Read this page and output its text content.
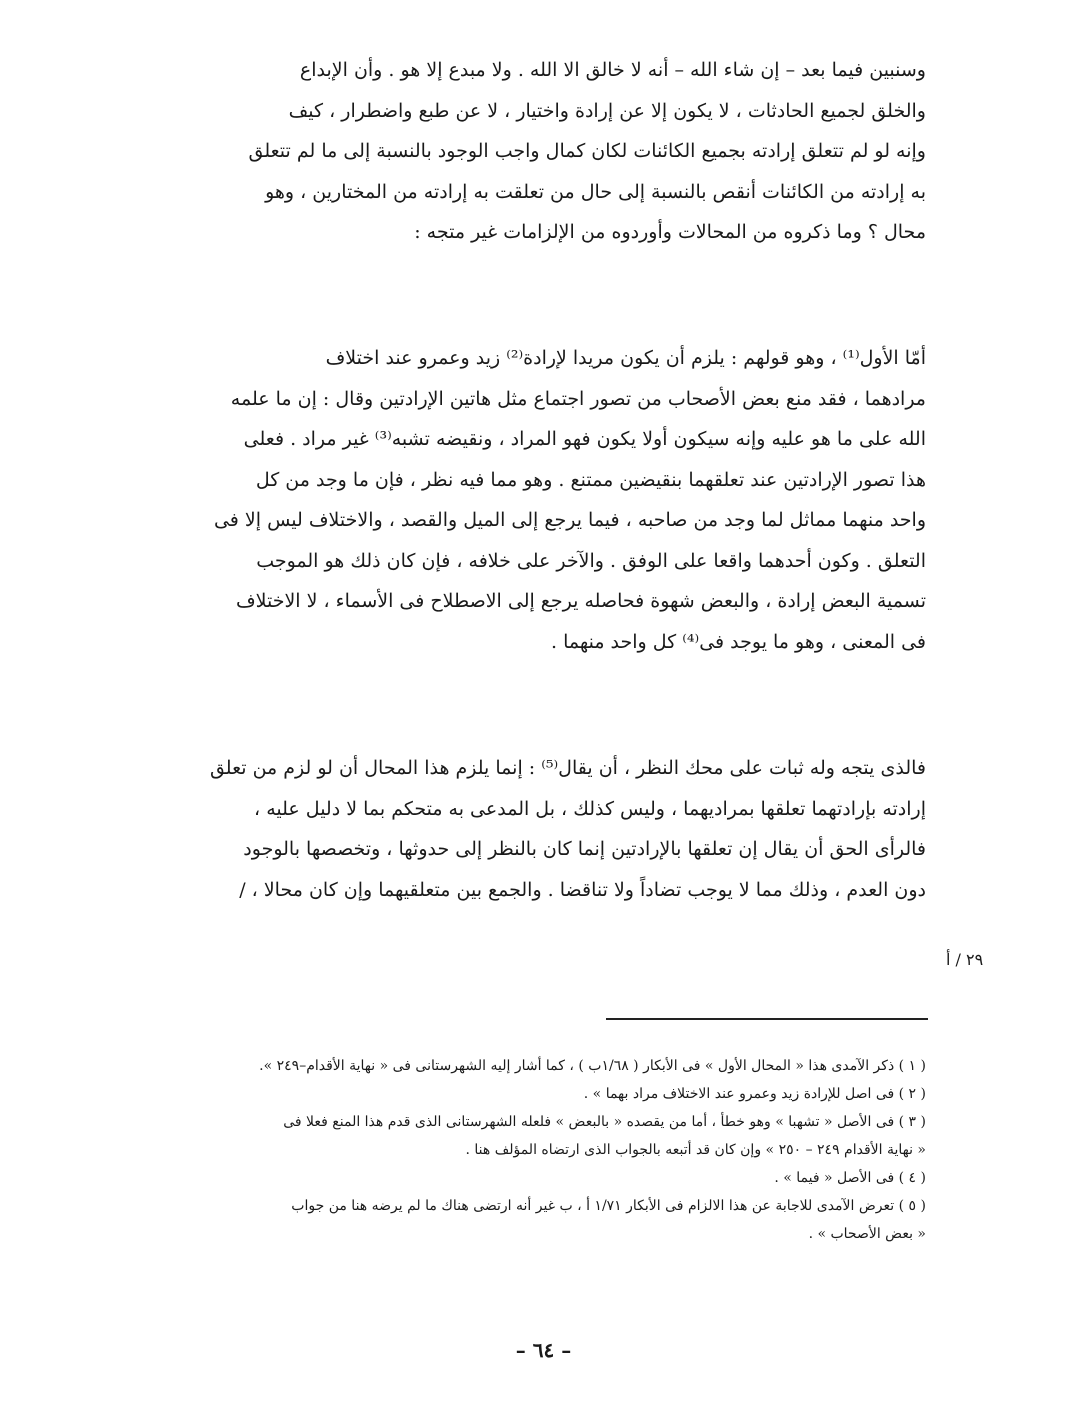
وسنبين فيما بعد – إن شاء الله – أنه لا خالق الا الله . ولا مبدع إلا هو . وأن الإبداع
والخلق لجميع الحادثات ، لا يكون إلا عن إرادة واختيار ، لا عن طبع واضطرار ، كيف
وإنه لو لم تتعلق إرادته بجميع الكائنات لكان كمال واجب الوجود بالنسبة إلى ما لم تتعلق
به إرادته من الكائنات أنقص بالنسبة إلى حال من تعلقت به إرادته من المختارين ، وهو
محال ؟ وما ذكروه من المحالات وأوردوه من الإلزامات غير متجه :
أمّا الأول⁽¹⁾ ، وهو قولهم : يلزم أن يكون مريدا لإرادة⁽²⁾ زيد وعمرو عند اختلاف
مرادهما ، فقد منع بعض الأصحاب من تصور اجتماع مثل هاتين الإرادتين وقال : إن ما علمه
الله على ما هو عليه وإنه سيكون أولا يكون فهو المراد ، ونقيضه تشبه⁽³⁾ غير مراد . فعلى
هذا تصور الإرادتين عند تعلقهما بنقيضين ممتنع . وهو مما فيه نظر ، فإن ما وجد من كل
واحد منهما مماثل لما وجد من صاحبه ، فيما يرجع إلى الميل والقصد ، والاختلاف ليس إلا فى
التعلق . وكون أحدهما واقعا على الوفق . والآخر على خلافه ، فإن كان ذلك هو الموجب
تسمية البعض إرادة ، والبعض شهوة فحاصله يرجع إلى الاصطلاح فى الأسماء ، لا الاختلاف
فى المعنى ، وهو ما يوجد فى⁽⁴⁾ كل واحد منهما .
فالذى يتجه وله ثبات على محك النظر ، أن يقال⁽⁵⁾ : إنما يلزم هذا المحال أن لو لزم من تعلق
إرادته بإرادتهما تعلقها بمراديهما ، وليس كذلك ، بل المدعى به متحكم بما لا دليل عليه ،
فالرأى الحق أن يقال إن تعلقها بالإرادتين إنما كان بالنظر إلى حدوثها ، وتخصصها بالوجود
دون العدم ، وذلك مما لا يوجب تضاداً ولا تناقضا . والجمع بين متعلقيهما وإن كان محالا ، /
٢٩ / أ
( ١ ) ذكر الآمدى هذا « المحال الأول » فى الأبكار ( ١/٦٨ب ) ، كما أشار إليه الشهرستانى فى « نهاية الأقدام–٢٤٩ ».
( ٢ ) فى اصل للإرادة زيد وعمرو عند الاختلاف مراد بهما » .
( ٣ ) فى الأصل « تشهبا » وهو خطأ ، أما من يقصده « بالبعض » فلعله الشهرستانى الذى قدم هذا المنع فعلا فى
« نهاية الأقدام ٢٤٩ – ٢٥٠ » وإن كان قد أتبعه بالجواب الذى ارتضاه المؤلف هنا .
( ٤ ) فى الأصل « فيما » .
( ٥ ) تعرض الآمدى للاجابة عن هذا الالزام فى الأبكار ١/٧١ أ ، ب غير أنه ارتضى هناك ما لم يرضه هنا من جواب
« بعض الأصحاب » .
– ٦٤ –
